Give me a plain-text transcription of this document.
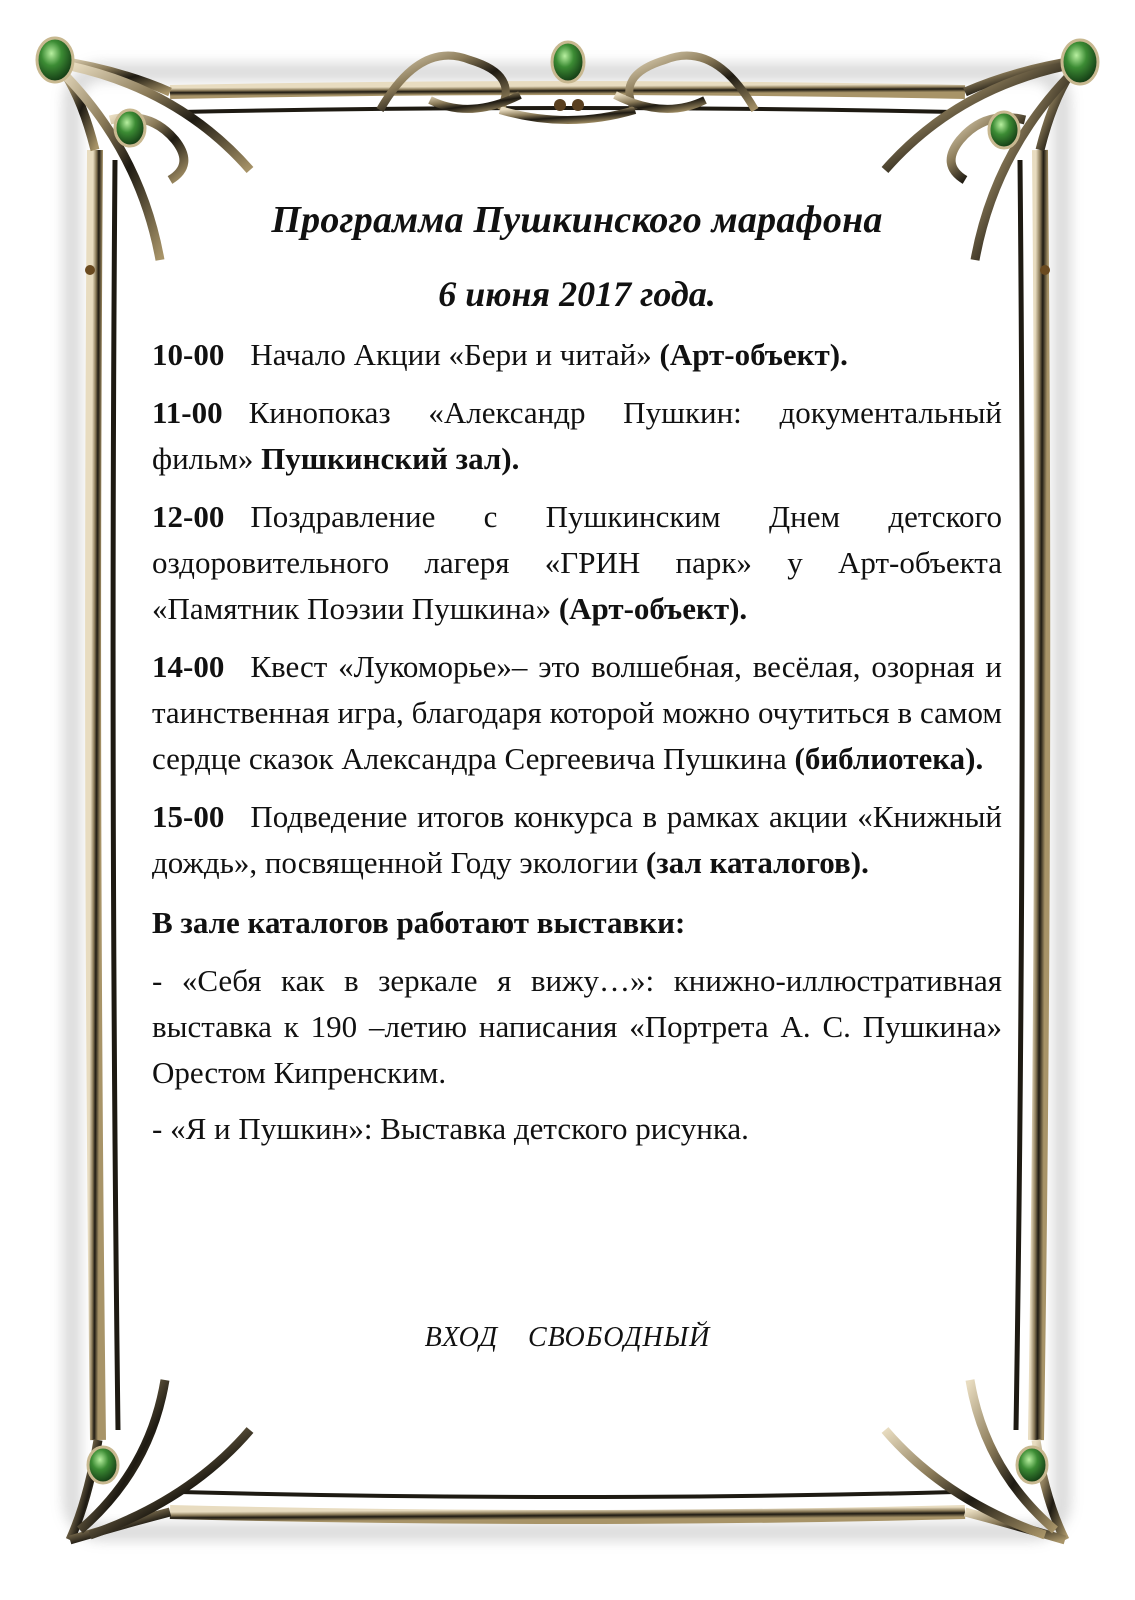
Программа Пушкинского марафона
6 июня 2017 года.

10-00 Начало Акции «Бери и читай» (Арт-объект).

11-00 Кинопоказ «Александр Пушкин: документальный фильм» Пушкинский зал).

12-00 Поздравление с Пушкинским Днем детского оздоровительного лагеря «ГРИН парк» у Арт-объекта «Памятник Поэзии Пушкина» (Арт-объект).

14-00 Квест «Лукоморье»– это волшебная, весёлая, озорная и таинственная игра, благодаря которой можно очутиться в самом сердце сказок Александра Сергеевича Пушкина (библиотека).

15-00 Подведение итогов конкурса в рамках акции «Книжный дождь», посвященной Году экологии (зал каталогов).

В зале каталогов работают выставки:

- «Себя как в зеркале я вижу…»: книжно-иллюстративная выставка к 190 –летию написания «Портрета А. С. Пушкина» Орестом Кипренским.

- «Я и Пушкин»: Выставка детского рисунка.

ВХОД СВОБОДНЫЙ
